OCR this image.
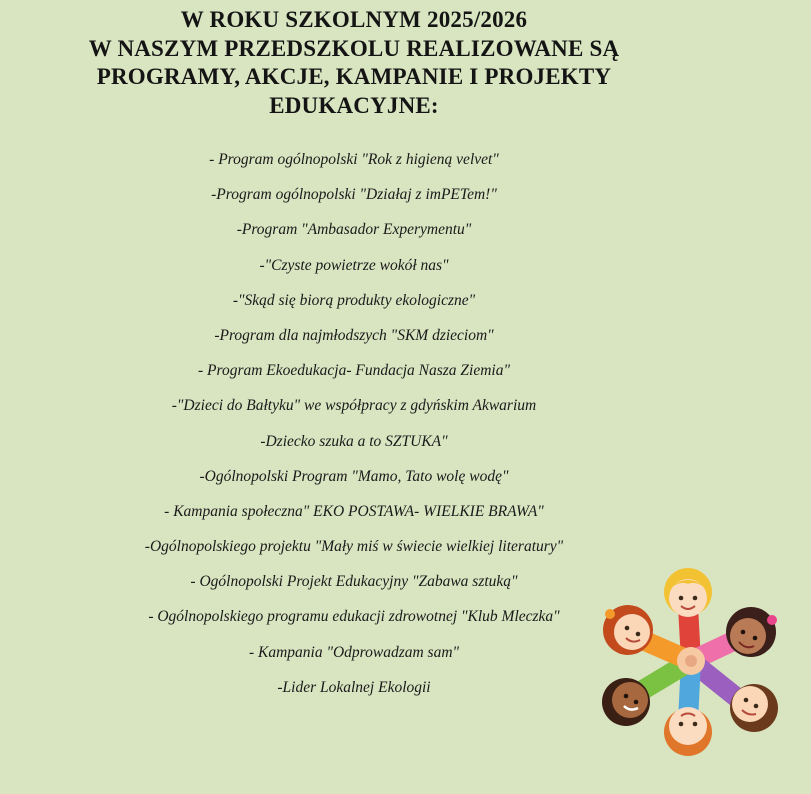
W ROKU SZKOLNYM 2025/2026
W NASZYM PRZEDSZKOLU REALIZOWANE SĄ
PROGRAMY, AKCJE, KAMPANIE I PROJEKTY
EDUKACYJNE:
- Program ogólnopolski "Rok z higieną velvet"
-Program ogólnopolski "Działaj z imPETem!"
-Program "Ambasador Experymentu"
-"Czyste powietrze wokół nas"
-"Skąd się biorą produkty ekologiczne"
-Program dla najmłodszych "SKM dzieciom"
- Program Ekoedukacja- Fundacja Nasza Ziemia"
-"Dzieci do Bałtyku" we współpracy z gdyńskim Akwarium
-Dziecko szuka a to SZTUKA"
-Ogólnopolski Program "Mamo, Tato wolę wodę"
- Kampania społeczna" EKO POSTAWA- WIELKIE BRAWA"
-Ogólnopolskiego projektu "Mały miś w świecie wielkiej literatury"
- Ogólnopolski Projekt Edukacyjny "Zabawa sztuką"
- Ogólnopolskiego programu edukacji zdrowotnej "Klub Mleczka"
- Kampania "Odprowadzam sam"
-Lider Lokalnej Ekologii
